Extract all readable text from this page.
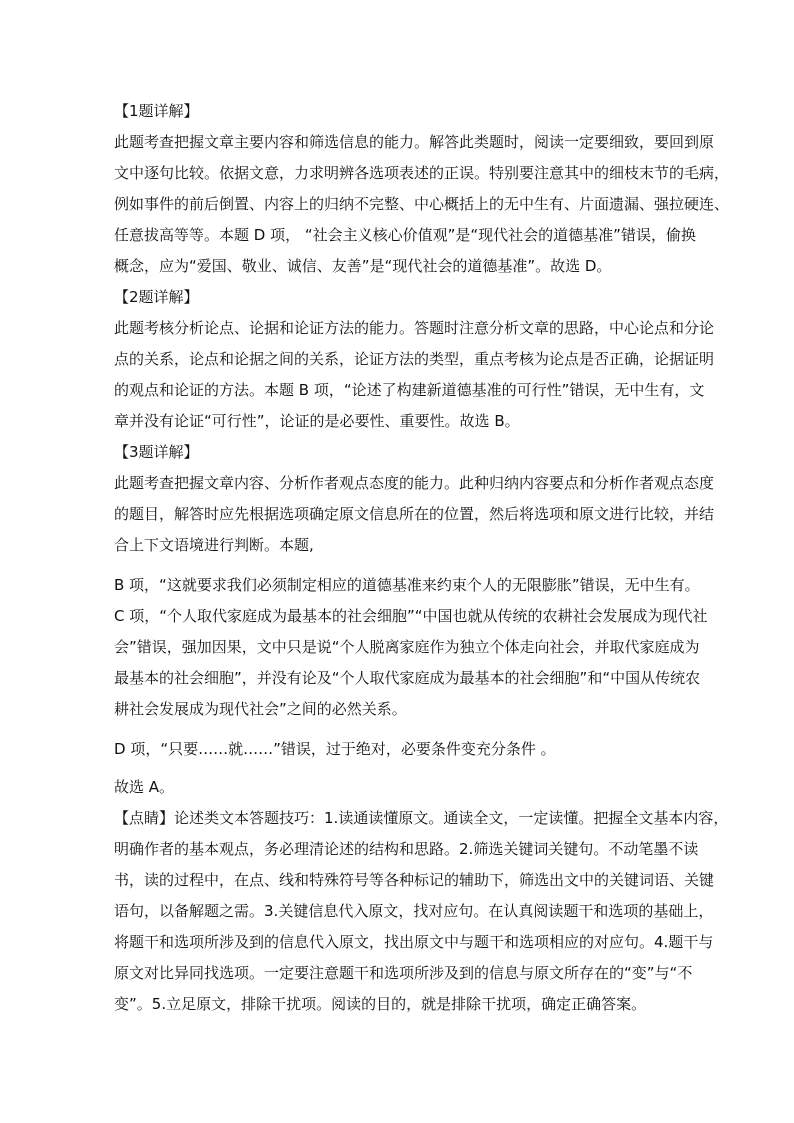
【1题详解】
此题考查把握文章主要内容和筛选信息的能力。解答此类题时，阅读一定要细致，要回到原
文中逐句比较。依据文意，力求明辨各选项表述的正误。特别要注意其中的细枝末节的毛病，
例如事件的前后倒置、内容上的归纳不完整、中心概括上的无中生有、片面遗漏、强拉硬连、
任意拔高等等。本题 D 项， “社会主义核心价值观”是“现代社会的道德基准”错误，偷换
概念，应为“爱国、敬业、诚信、友善”是“现代社会的道德基准”。故选 D。
【2题详解】
此题考核分析论点、论据和论证方法的能力。答题时注意分析文章的思路，中心论点和分论
点的关系，论点和论据之间的关系，论证方法的类型，重点考核为论点是否正确，论据证明
的观点和论证的方法。本题 B 项，“论述了构建新道德基准的可行性”错误，无中生有，文
章并没有论证“可行性”，论证的是必要性、重要性。故选 B。
【3题详解】
此题考查把握文章内容、分析作者观点态度的能力。此种归纳内容要点和分析作者观点态度
的题目，解答时应先根据选项确定原文信息所在的位置，然后将选项和原文进行比较，并结
合上下文语境进行判断。本题,
B 项，“这就要求我们必须制定相应的道德基准来约束个人的无限膨胀”错误，无中生有。
C 项，“个人取代家庭成为最基本的社会细胞”“中国也就从传统的农耕社会发展成为现代社
会”错误，强加因果，文中只是说“个人脱离家庭作为独立个体走向社会，并取代家庭成为
最基本的社会细胞”，并没有论及“个人取代家庭成为最基本的社会细胞”和“中国从传统农
耕社会发展成为现代社会”之间的必然关系。
D 项，“只要……就……”错误，过于绝对，必要条件变充分条件 。
故选 A。
【点睛】论述类文本答题技巧：1.读通读懂原文。通读全文，一定读懂。把握全文基本内容，
明确作者的基本观点，务必理清论述的结构和思路。2.筛选关键词关键句。不动笔墨不读
书，读的过程中，在点、线和特殊符号等各种标记的辅助下，筛选出文中的关键词语、关键
语句，以备解题之需。3.关键信息代入原文，找对应句。在认真阅读题干和选项的基础上，
将题干和选项所涉及到的信息代入原文，找出原文中与题干和选项相应的对应句。4.题干与
原文对比异同找选项。一定要注意题干和选项所涉及到的信息与原文所存在的“变”与“不
变”。5.立足原文，排除干扰项。阅读的目的，就是排除干扰项，确定正确答案。
